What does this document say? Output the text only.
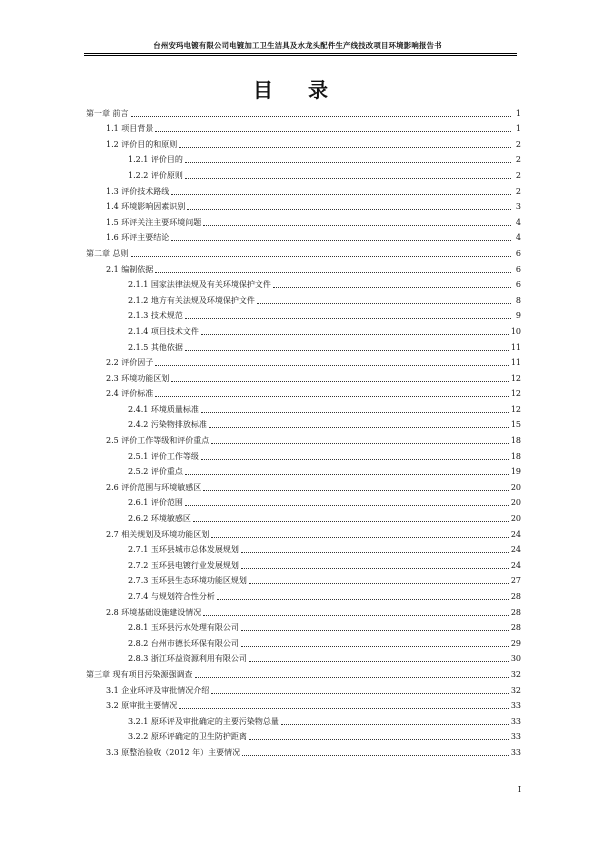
台州安玛电镀有限公司电镀加工卫生洁具及水龙头配件生产线技改项目环境影响报告书
目 录
第一章 前言	1
1.1 项目背景	1
1.2 评价目的和原则	2
1.2.1 评价目的	2
1.2.2 评价原则	2
1.3 评价技术路线	2
1.4 环境影响因素识别	3
1.5 环评关注主要环境问题	4
1.6 环评主要结论	4
第二章 总则	6
2.1 编制依据	6
2.1.1 国家法律法规及有关环境保护文件	6
2.1.2 地方有关法规及环境保护文件	8
2.1.3 技术规范	9
2.1.4 项目技术文件	10
2.1.5 其他依据	11
2.2 评价因子	11
2.3 环境功能区划	12
2.4 评价标准	12
2.4.1 环境质量标准	12
2.4.2 污染物排放标准	15
2.5 评价工作等级和评价重点	18
2.5.1 评价工作等级	18
2.5.2 评价重点	19
2.6 评价范围与环境敏感区	20
2.6.1 评价范围	20
2.6.2 环境敏感区	20
2.7 相关规划及环境功能区划	24
2.7.1 玉环县城市总体发展规划	24
2.7.2 玉环县电镀行业发展规划	24
2.7.3 玉环县生态环境功能区规划	27
2.7.4 与规划符合性分析	28
2.8 环境基础设施建设情况	28
2.8.1 玉环县污水处理有限公司	28
2.8.2 台州市德长环保有限公司	29
2.8.3 浙江环益资源利用有限公司	30
第三章 现有项目污染源强调查	32
3.1 企业环评及审批情况介绍	32
3.2 原审批主要情况	33
3.2.1 原环评及审批确定的主要污染物总量	33
3.2.2 原环评确定的卫生防护距离	33
3.3 原整治验收（2012 年）主要情况	33
I
